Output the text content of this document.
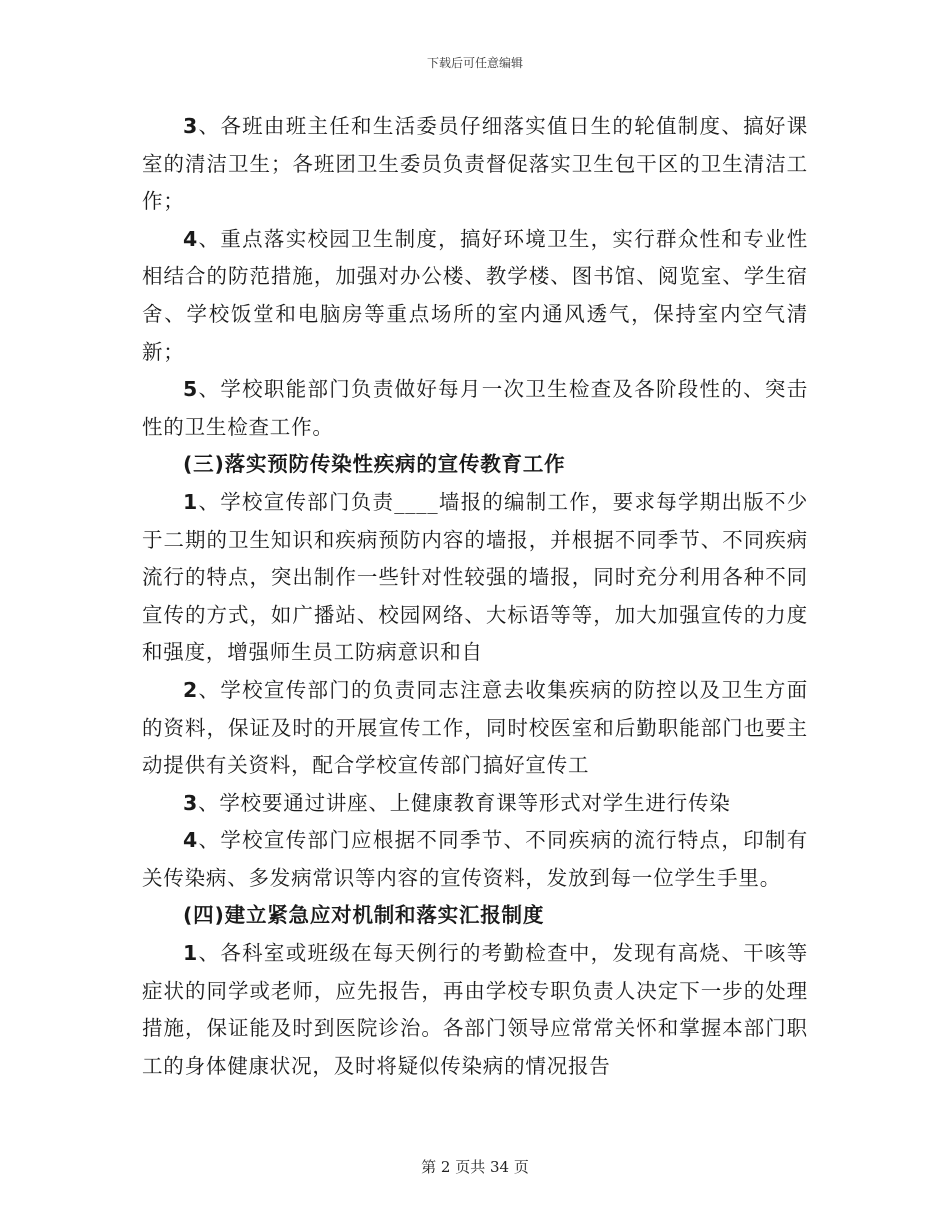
下载后可任意编辑

3、各班由班主任和生活委员仔细落实值日生的轮值制度、搞好课室的清洁卫生；各班团卫生委员负责督促落实卫生包干区的卫生清洁工作；

4、重点落实校园卫生制度，搞好环境卫生，实行群众性和专业性相结合的防范措施，加强对办公楼、教学楼、图书馆、阅览室、学生宿舍、学校饭堂和电脑房等重点场所的室内通风透气，保持室内空气清新；

5、学校职能部门负责做好每月一次卫生检查及各阶段性的、突击性的卫生检查工作。

(三)落实预防传染性疾病的宣传教育工作

1、学校宣传部门负责____墙报的编制工作，要求每学期出版不少于二期的卫生知识和疾病预防内容的墙报，并根据不同季节、不同疾病流行的特点，突出制作一些针对性较强的墙报，同时充分利用各种不同宣传的方式，如广播站、校园网络、大标语等等，加大加强宣传的力度和强度，增强师生员工防病意识和自

2、学校宣传部门的负责同志注意去收集疾病的防控以及卫生方面的资料，保证及时的开展宣传工作，同时校医室和后勤职能部门也要主动提供有关资料，配合学校宣传部门搞好宣传工

3、学校要通过讲座、上健康教育课等形式对学生进行传染

4、学校宣传部门应根据不同季节、不同疾病的流行特点，印制有关传染病、多发病常识等内容的宣传资料，发放到每一位学生手里。

(四)建立紧急应对机制和落实汇报制度

1、各科室或班级在每天例行的考勤检查中，发现有高烧、干咳等症状的同学或老师，应先报告，再由学校专职负责人决定下一步的处理措施，保证能及时到医院诊治。各部门领导应常常关怀和掌握本部门职工的身体健康状况，及时将疑似传染病的情况报告

第 2 页共 34 页
